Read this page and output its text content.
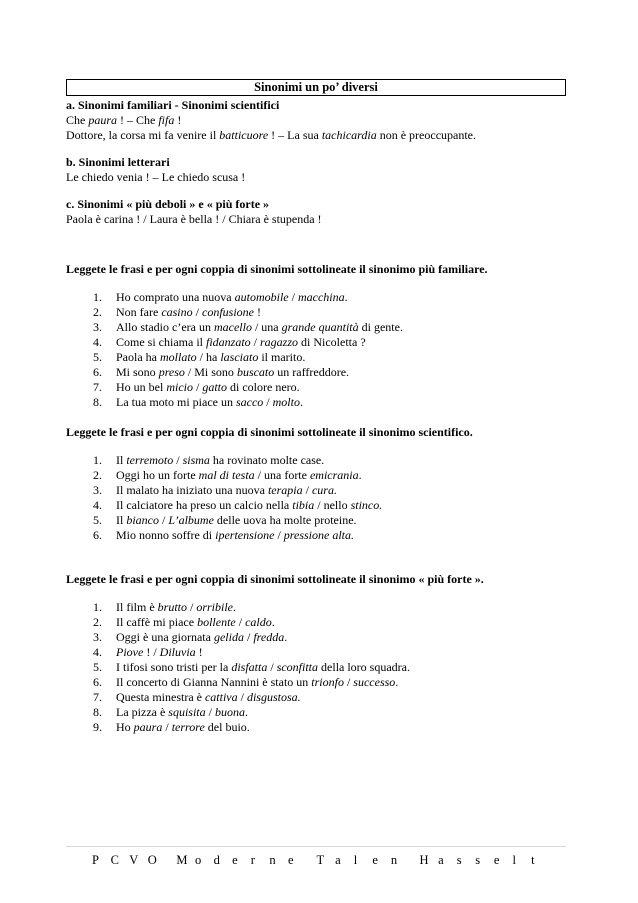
Sinonimi un po’ diversi

a. Sinonimi familiari - Sinonimi scientifici

Che paura ! – Che fifa !

Dottore, la corsa mi fa venire il batticuore ! – La sua tachicardia non è preoccupante.

b. Sinonimi letterari

Le chiedo venia ! – Le chiedo scusa !

c. Sinonimi « più deboli » e « più forte »

Paola è carina ! / Laura è bella ! / Chiara è stupenda !

Leggete le frasi e per ogni coppia di sinonimi sottolineate il sinonimo più familiare.

1. Ho comprato una nuova automobile / macchina.
2. Non fare casino / confusione !
3. Allo stadio c’era un macello / una grande quantità di gente.
4. Come si chiama il fidanzato / ragazzo di Nicoletta ?
5. Paola ha mollato / ha lasciato il marito.
6. Mi sono preso / Mi sono buscato un raffreddore.
7. Ho un bel micio / gatto di colore nero.
8. La tua moto mi piace un sacco / molto.

Leggete le frasi e per ogni coppia di sinonimi sottolineate il sinonimo scientifico.

1. Il terremoto / sisma ha rovinato molte case.
2. Oggi ho un forte mal di testa / una forte emicrania.
3. Il malato ha iniziato una nuova terapia / cura.
4. Il calciatore ha preso un calcio nella tibia / nello stinco.
5. Il bianco / L’albume delle uova ha molte proteine.
6. Mio nonno soffre di ipertensione / pressione alta.

Leggete le frasi e per ogni coppia di sinonimi sottolineate il sinonimo « più forte ».

1. Il film è brutto / orribile.
2. Il caffè mi piace bollente / caldo.
3. Oggi è una giornata gelida / fredda.
4. Piove ! / Diluvia !
5. I tifosi sono tristi per la disfatta / sconfitta della loro squadra.
6. Il concerto di Gianna Nannini è stato un trionfo / successo.
7. Questa minestra è cattiva / disgustosa.
8. La pizza è squisita / buona.
9. Ho paura / terrore del buio.
P C V O M o d e r n e T a l e n H a s s e l t
